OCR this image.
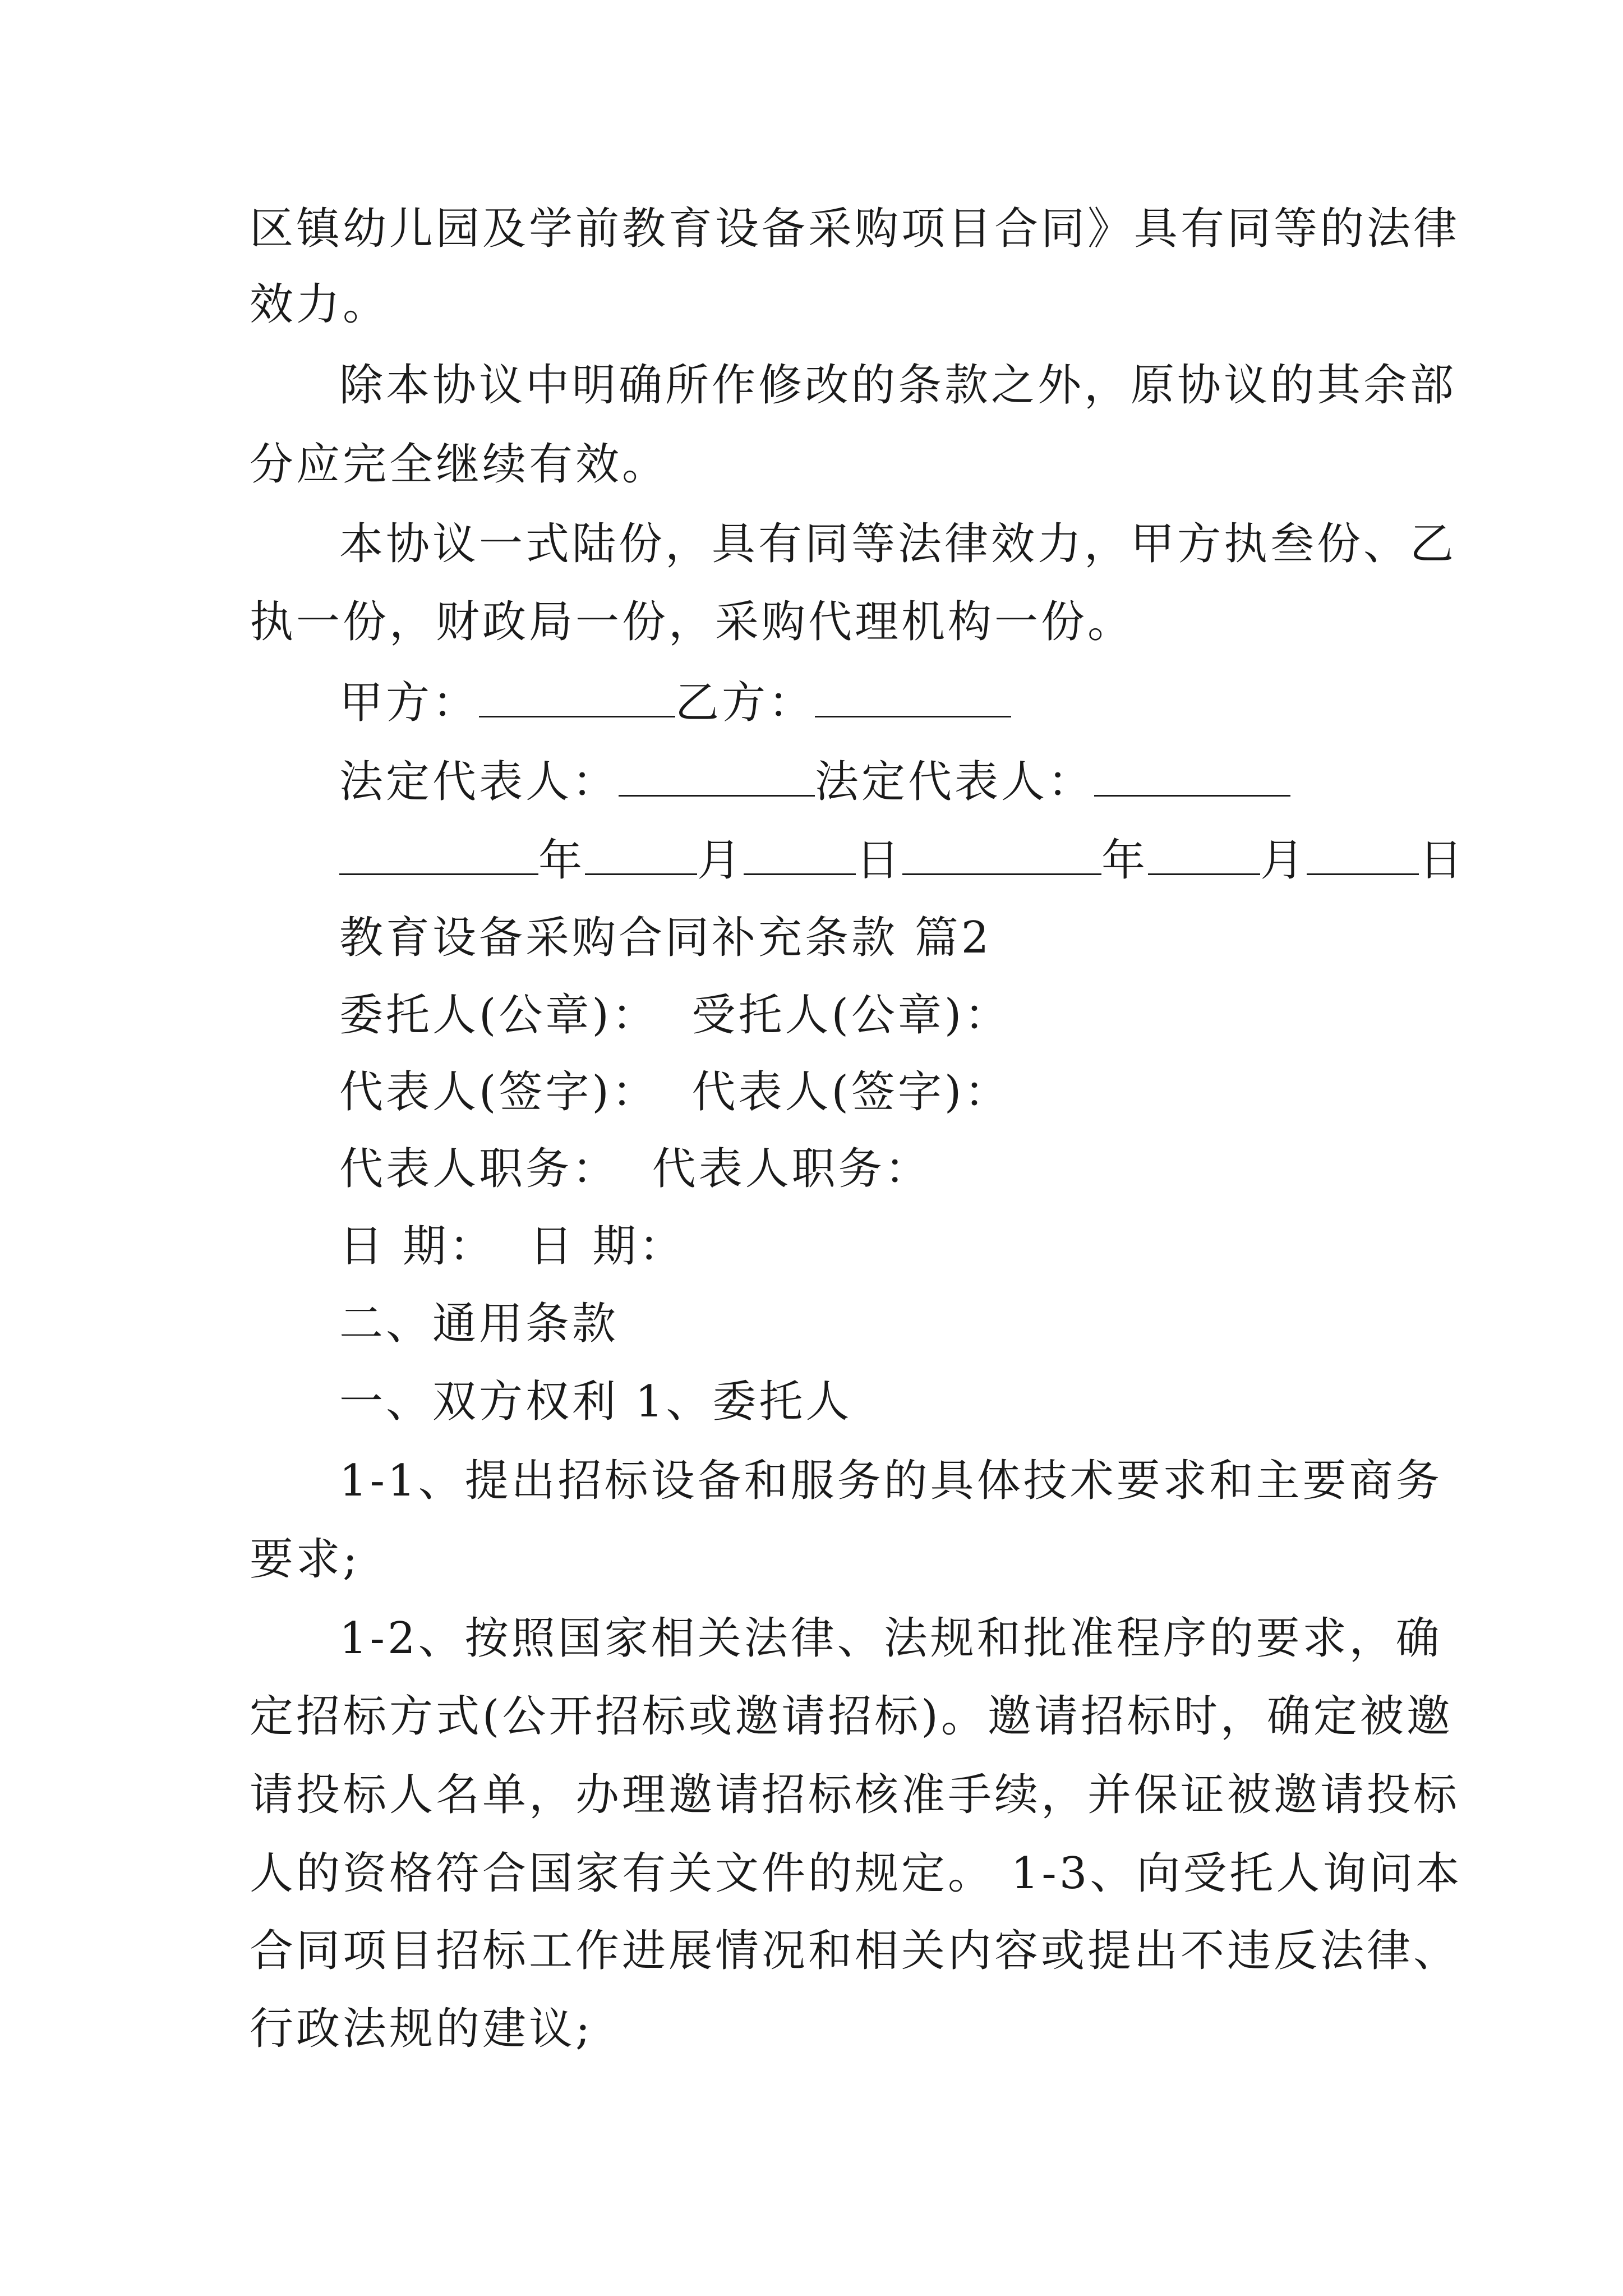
区镇幼儿园及学前教育设备采购项目合同》具有同等的法律
效力。
除本协议中明确所作修改的条款之外，原协议的其余部
分应完全继续有效。
本协议一式陆份，具有同等法律效力，甲方执叁份、乙
执一份，财政局一份，采购代理机构一份。
甲方：	乙方：
法定代表人：	法定代表人：
年	月	日	年	月	日
教育设备采购合同补充条款 篇2
委托人(公章)： 受托人(公章)：
代表人(签字)： 代表人(签字)：
代表人职务： 代表人职务：
日 期： 日 期：
二、通用条款
一、双方权利 1、委托人
1-1、提出招标设备和服务的具体技术要求和主要商务
要求;
1-2、按照国家相关法律、法规和批准程序的要求，确
定招标方式(公开招标或邀请招标)。邀请招标时，确定被邀
请投标人名单，办理邀请招标核准手续，并保证被邀请投标
人的资格符合国家有关文件的规定。 1-3、向受托人询问本
合同项目招标工作进展情况和相关内容或提出不违反法律、
行政法规的建议;
